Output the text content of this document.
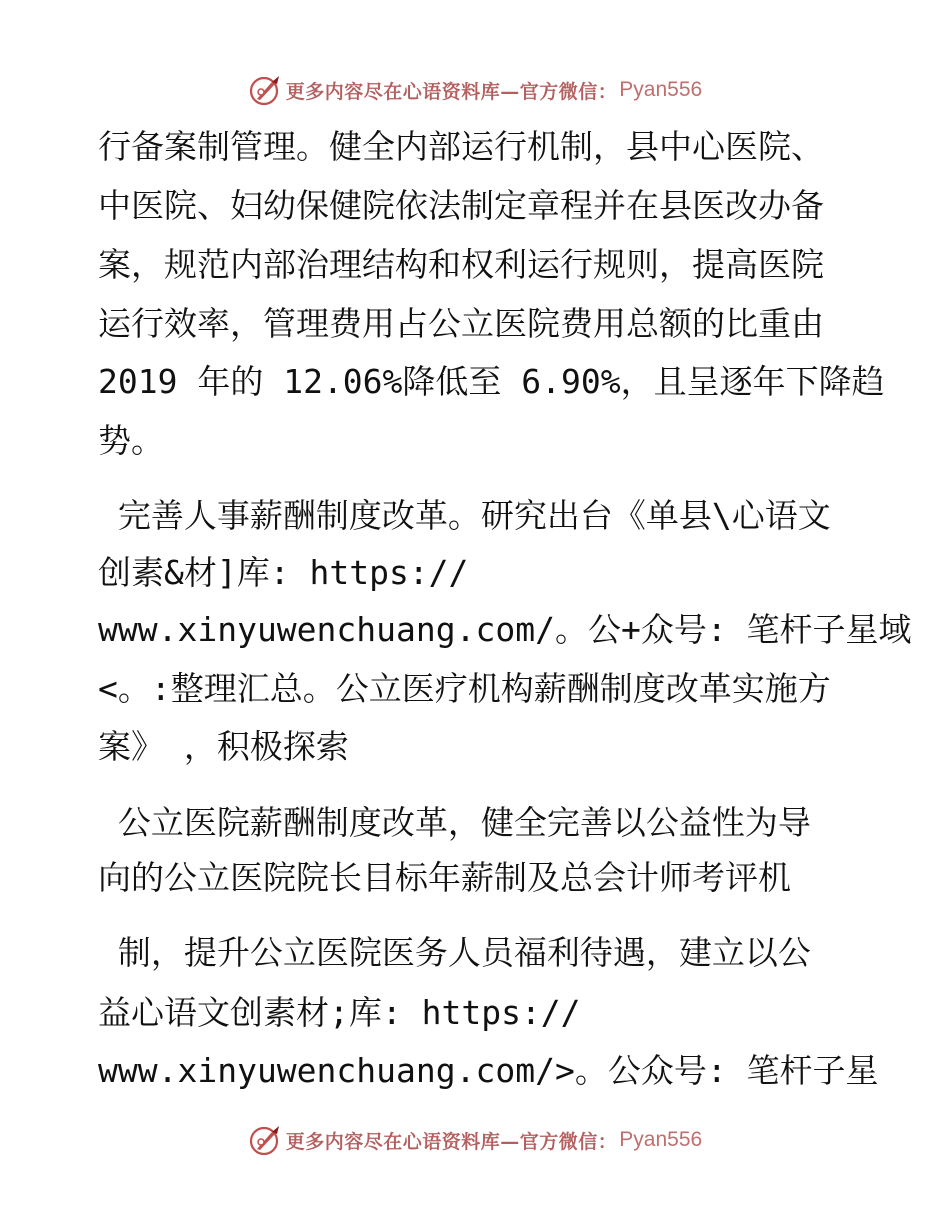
更多内容尽在心语资料库—官方微信： Pyan556
行备案制管理。健全内部运行机制，县中心医院、
中医院、妇幼保健院依法制定章程并在县医改办备
案，规范内部治理结构和权利运行规则，提高医院
运行效率，管理费用占公立医院费用总额的比重由
2019 年的 12.06%降低至 6.90%，且呈逐年下降趋
势。
完善人事薪酬制度改革。研究出台《单县\心语文
创素&材]库: https://
www.xinyuwenchuang.com/。公+众号: 笔杆子星域
<。:整理汇总。公立医疗机构薪酬制度改革实施方
案》 ，积极探索
公立医院薪酬制度改革，健全完善以公益性为导
向的公立医院院长目标年薪制及总会计师考评机
制，提升公立医院医务人员福利待遇，建立以公
益心语文创素材;库: https://
www.xinyuwenchuang.com/>。公众号: 笔杆子星
更多内容尽在心语资料库—官方微信： Pyan556
